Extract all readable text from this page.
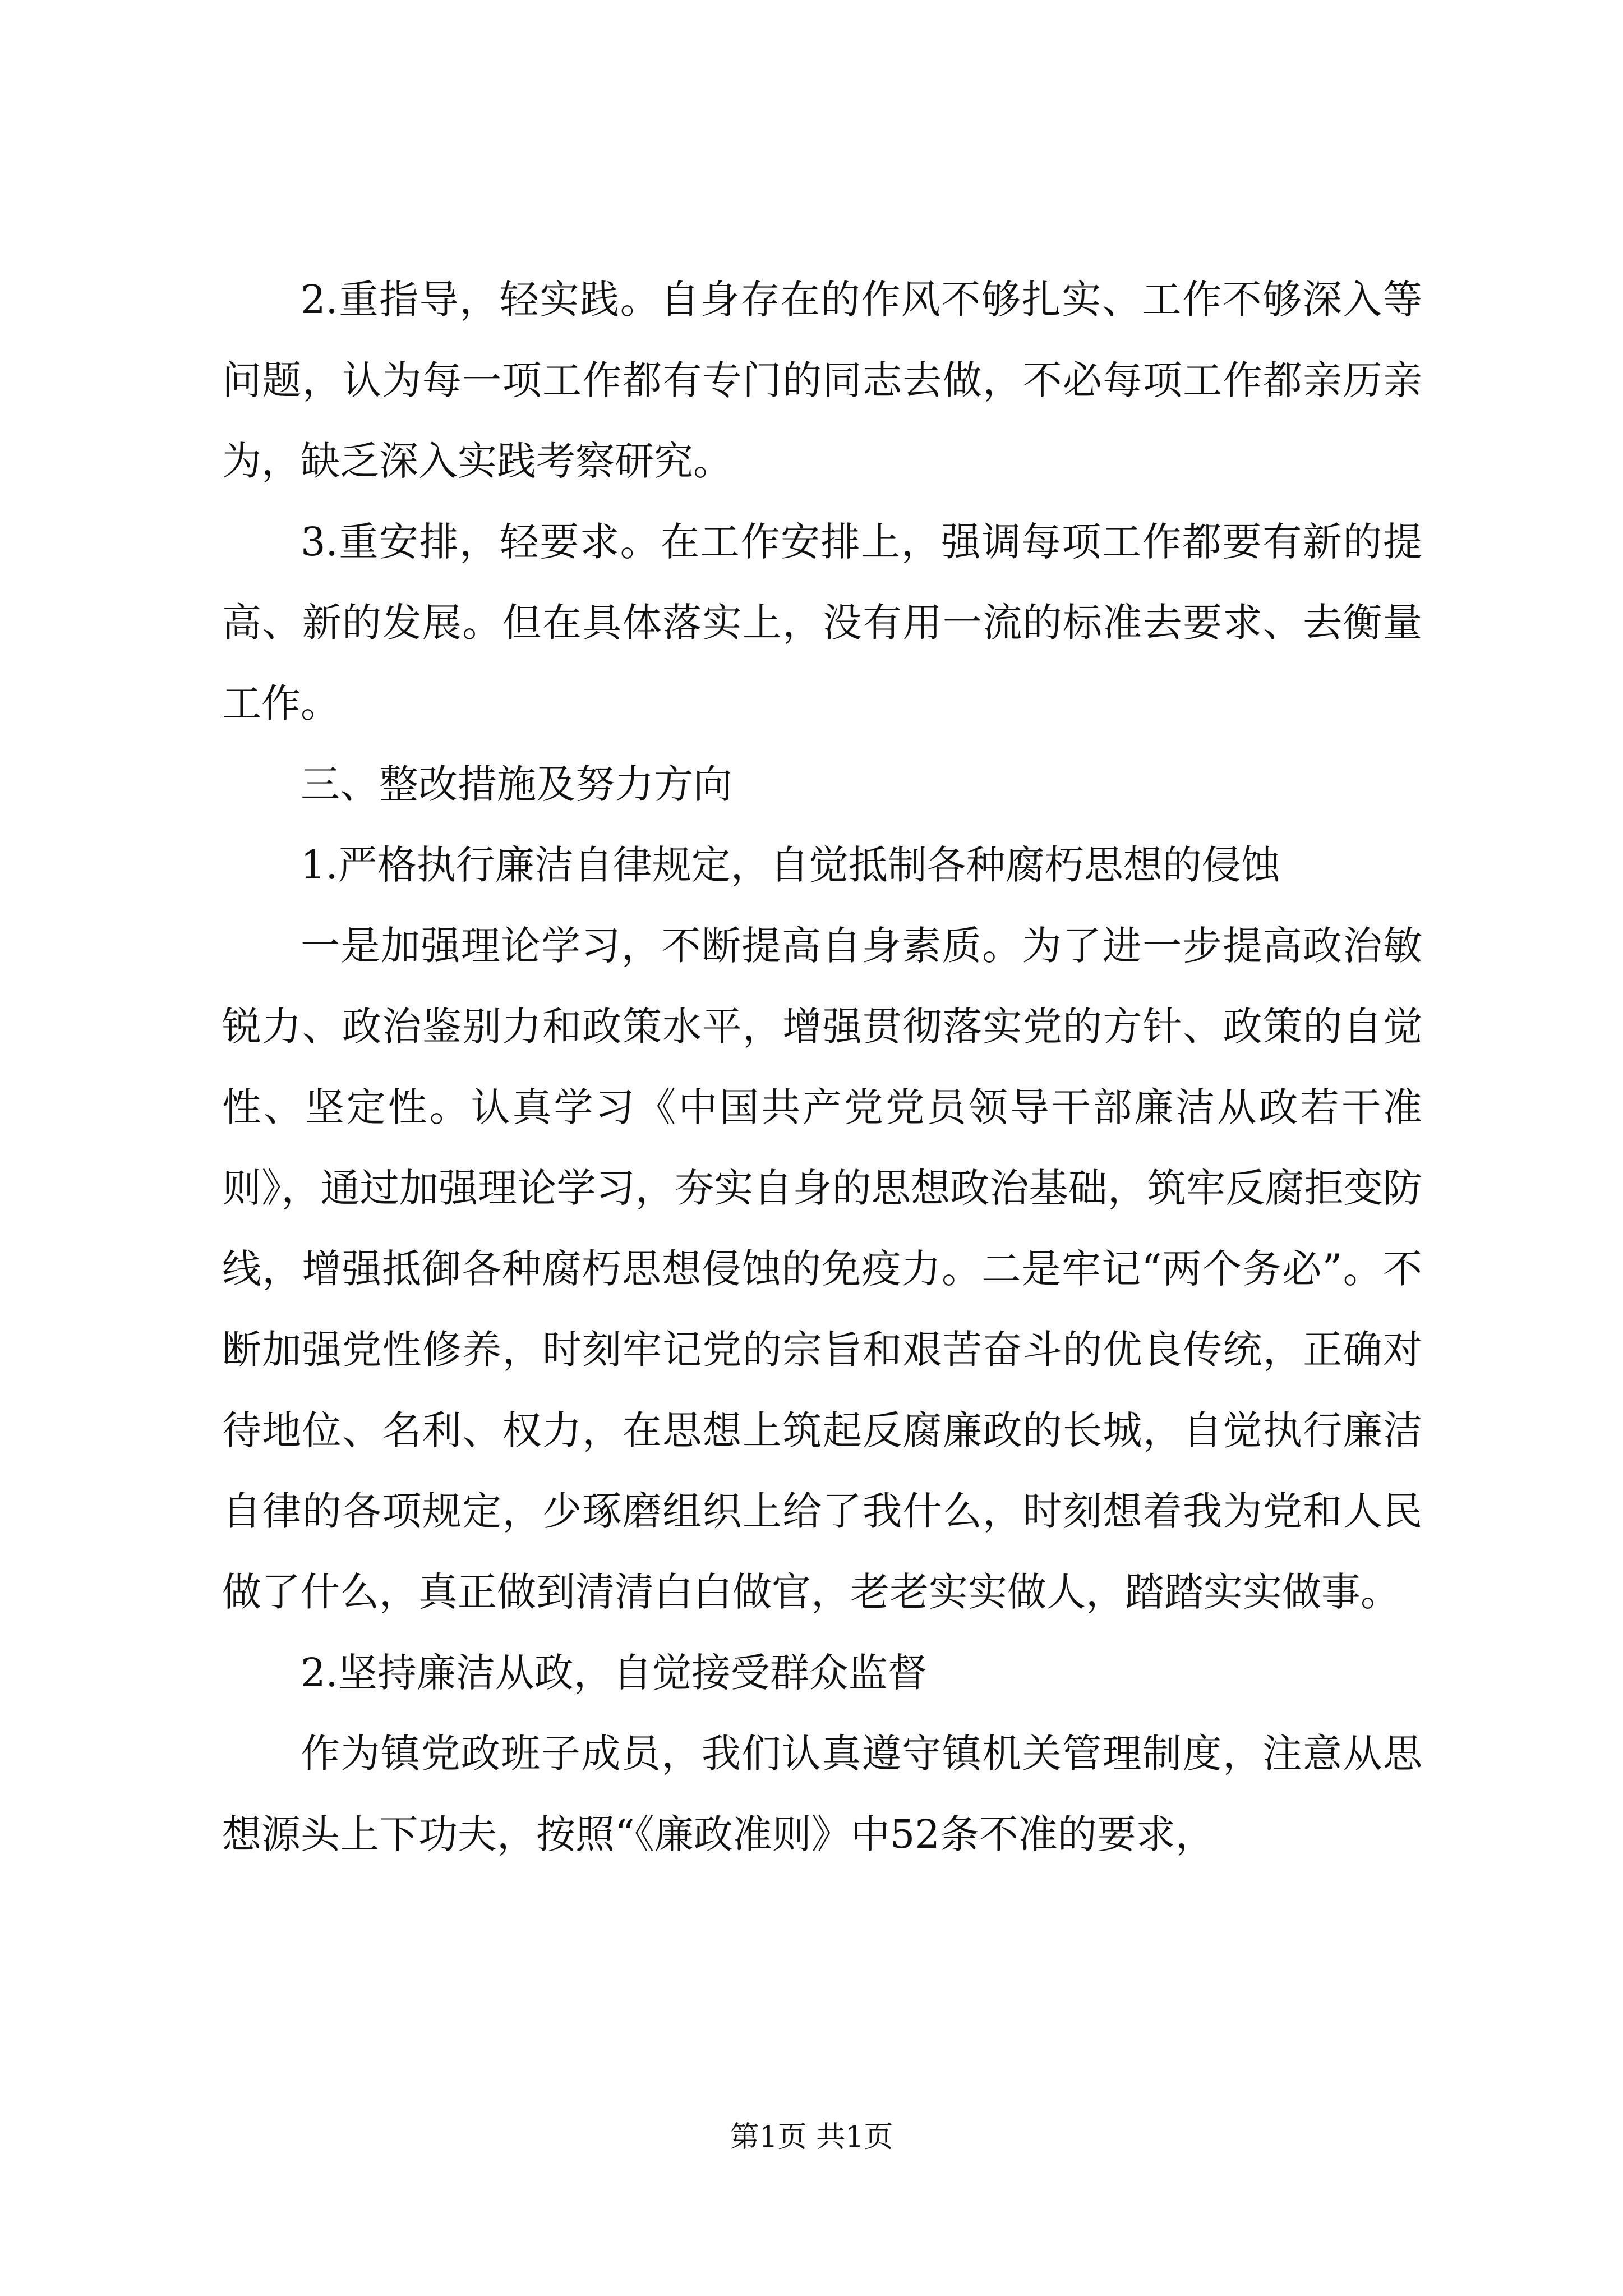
2.重指导，轻实践。自身存在的作风不够扎实、工作不够深入等问题，认为每一项工作都有专门的同志去做，不必每项工作都亲历亲为，缺乏深入实践考察研究。

3.重安排，轻要求。在工作安排上，强调每项工作都要有新的提高、新的发展。但在具体落实上，没有用一流的标准去要求、去衡量工作。

三、整改措施及努力方向

1.严格执行廉洁自律规定，自觉抵制各种腐朽思想的侵蚀

一是加强理论学习，不断提高自身素质。为了进一步提高政治敏锐力、政治鉴别力和政策水平，增强贯彻落实党的方针、政策的自觉性、坚定性。认真学习《中国共产党党员领导干部廉洁从政若干准则》，通过加强理论学习，夯实自身的思想政治基础，筑牢反腐拒变防线，增强抵御各种腐朽思想侵蚀的免疫力。二是牢记“两个务必”。不断加强党性修养，时刻牢记党的宗旨和艰苦奋斗的优良传统，正确对待地位、名利、权力，在思想上筑起反腐廉政的长城，自觉执行廉洁自律的各项规定，少琢磨组织上给了我什么，时刻想着我为党和人民做了什么，真正做到清清白白做官，老老实实做人，踏踏实实做事。

2.坚持廉洁从政，自觉接受群众监督

作为镇党政班子成员，我们认真遵守镇机关管理制度，注意从思想源头上下功夫，按照“《廉政准则》中52条不准的要求，

第1页 共1页
